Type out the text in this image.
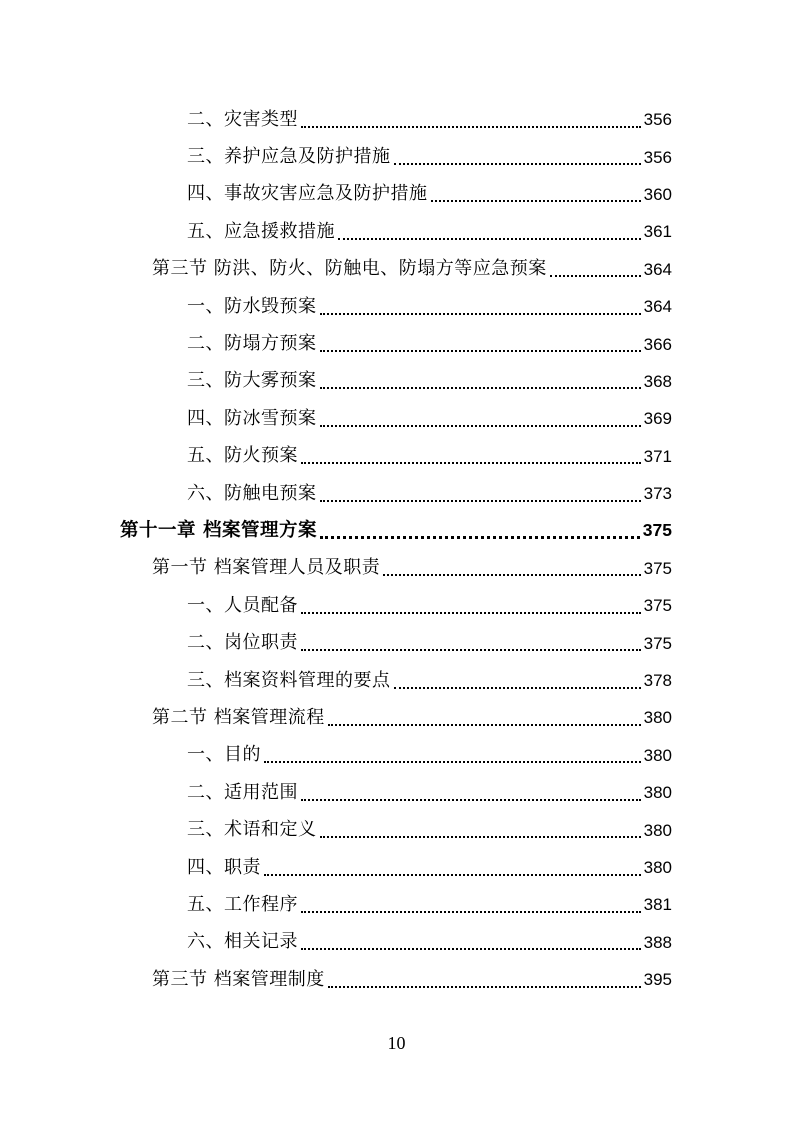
二、灾害类型	356
三、养护应急及防护措施	356
四、事故灾害应急及防护措施	360
五、应急援救措施	361
第三节 防洪、防火、防触电、防塌方等应急预案	364
一、防水毁预案	364
二、防塌方预案	366
三、防大雾预案	368
四、防冰雪预案	369
五、防火预案	371
六、防触电预案	373
第十一章 档案管理方案	375
第一节 档案管理人员及职责	375
一、人员配备	375
二、岗位职责	375
三、档案资料管理的要点	378
第二节 档案管理流程	380
一、目的	380
二、适用范围	380
三、术语和定义	380
四、职责	380
五、工作程序	381
六、相关记录	388
第三节 档案管理制度	395
10
